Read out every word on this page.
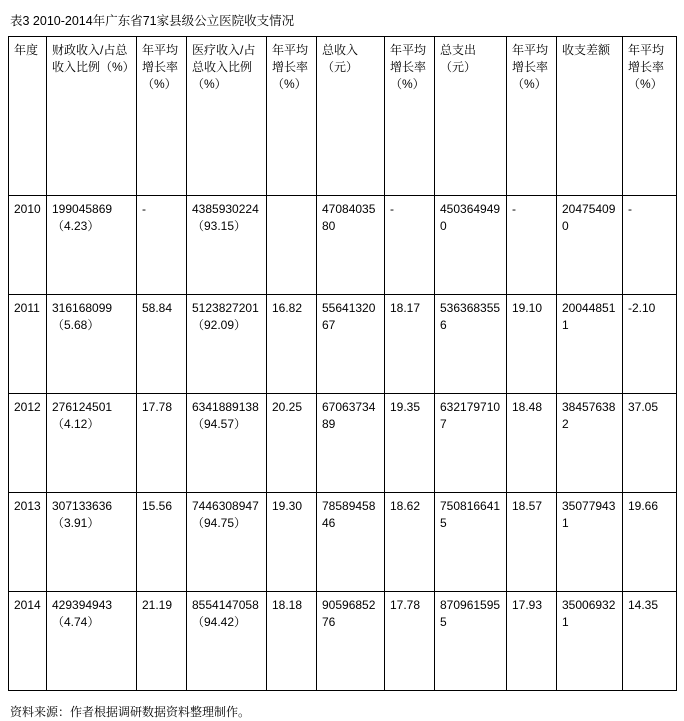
表3 2010-2014年广东省71家县级公立医院收支情况
年度	财政收入/占总收入比例（%）	年平均增长率（%）	医疗收入/占总收入比例（%）	年平均增长率（%）	总收入（元）	年平均增长率（%）	总支出（元）	年平均增长率（%）	收支差额	年平均增长率（%）
2010	199045869（4.23）	-	4385930224（93.15）		4708403580	-	4503649490	-	204754090	-
2011	316168099（5.68）	58.84	5123827201（92.09）	16.82	5564132067	18.17	5363683556	19.10	200448511	-2.10
2012	276124501（4.12）	17.78	6341889138（94.57）	20.25	6706373489	19.35	6321797107	18.48	384576382	37.05
2013	307133636（3.91）	15.56	7446308947（94.75）	19.30	7858945846	18.62	7508166415	18.57	350779431	19.66
2014	429394943（4.74）	21.19	8554147058（94.42）	18.18	9059685276	17.78	8709615955	17.93	350069321	14.35
资料来源：作者根据调研数据资料整理制作。
